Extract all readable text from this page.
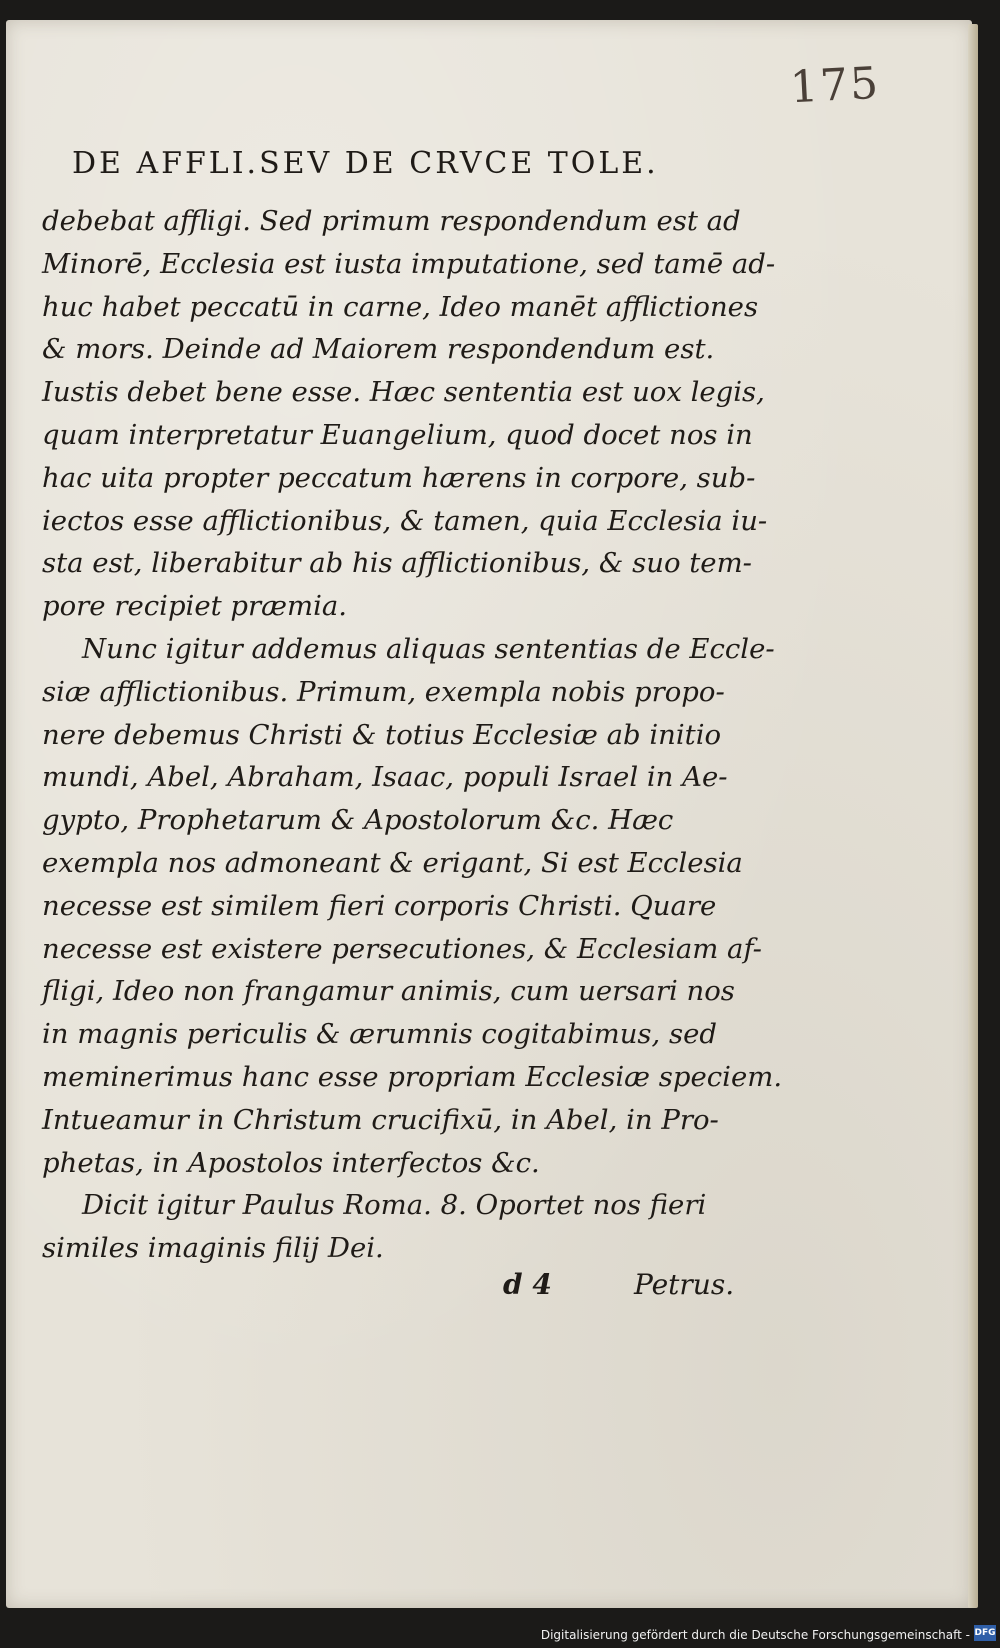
175
DE AFFLI.SEV DE CRVCE TOLE.
debebat affligi. Sed primum respondendum est ad
Minorē, Ecclesia est iusta imputatione, sed tamē ad-
huc habet peccatū in carne, Ideo manēt afflictiones
& mors. Deinde ad Maiorem respondendum est.
Iustis debet bene esse. Hæc sententia est uox legis,
quam interpretatur Euangelium, quod docet nos in
hac uita propter peccatum hærens in corpore, sub-
iectos esse afflictionibus, & tamen, quia Ecclesia iu-
sta est, liberabitur ab his afflictionibus, & suo tem-
pore recipiet præmia.
Nunc igitur addemus aliquas sententias de Eccle-
siæ afflictionibus. Primum, exempla nobis propo-
nere debemus Christi & totius Ecclesiæ ab initio
mundi, Abel, Abraham, Isaac, populi Israel in Ae-
gypto, Prophetarum & Apostolorum &c. Hæc
exempla nos admoneant & erigant, Si est Ecclesia
necesse est similem fieri corporis Christi. Quare
necesse est existere persecutiones, & Ecclesiam af-
fligi, Ideo non frangamur animis, cum uersari nos
in magnis periculis & ærumnis cogitabimus, sed
meminerimus hanc esse propriam Ecclesiæ speciem.
Intueamur in Christum crucifixū, in Abel, in Pro-
phetas, in Apostolos interfectos &c.
Dicit igitur Paulus Roma. 8. Oportet nos fieri
similes imaginis filij Dei.
d 4	Petrus.
Digitalisierung gefördert durch die Deutsche Forschungsgemeinschaft - DFG
